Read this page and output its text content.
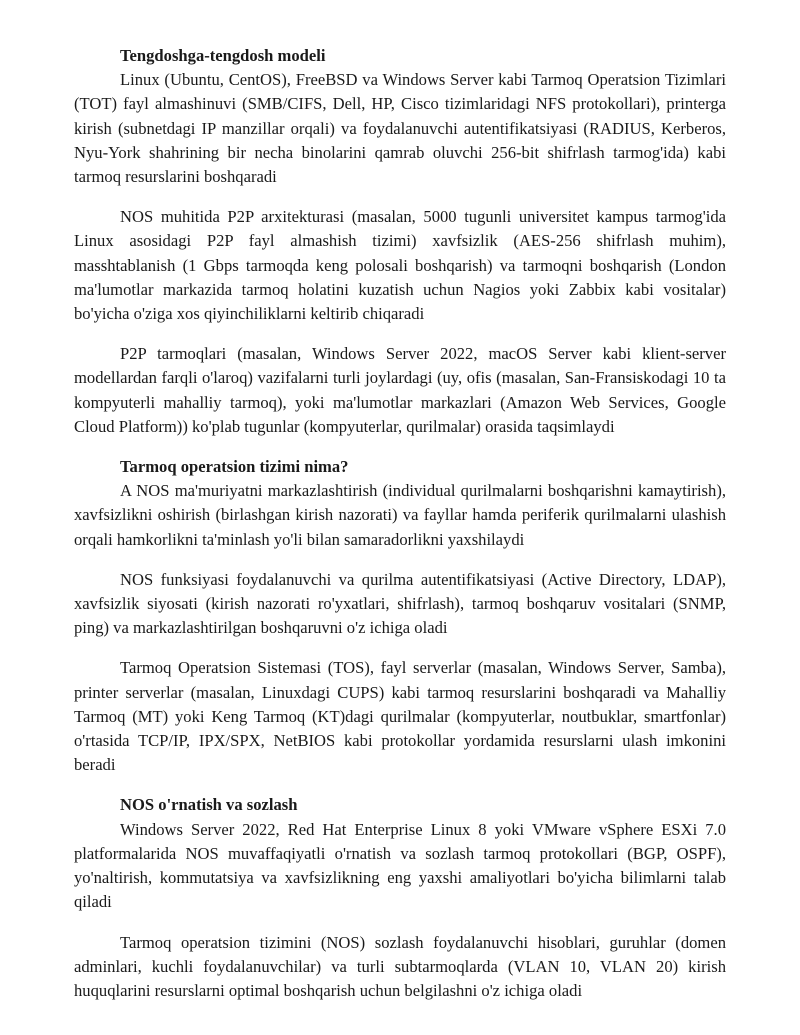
Tengdoshga-tengdosh modeli

Linux (Ubuntu, CentOS), FreeBSD va Windows Server kabi Tarmoq Operatsion Tizimlari (TOT) fayl almashinuvi (SMB/CIFS, Dell, HP, Cisco tizimlaridagi NFS protokollari), printerga kirish (subnetdagi IP manzillar orqali) va foydalanuvchi autentifikatsiyasi (RADIUS, Kerberos, Nyu-York shahrining bir necha binolarini qamrab oluvchi 256-bit shifrlash tarmog'ida) kabi tarmoq resurslarini boshqaradi

NOS muhitida P2P arxitekturasi (masalan, 5000 tugunli universitet kampus tarmog'ida Linux asosidagi P2P fayl almashish tizimi) xavfsizlik (AES-256 shifrlash muhim), masshtablanish (1 Gbps tarmoqda keng polosali boshqarish) va tarmoqni boshqarish (London ma'lumotlar markazida tarmoq holatini kuzatish uchun Nagios yoki Zabbix kabi vositalar) bo'yicha o'ziga xos qiyinchiliklarni keltirib chiqaradi

P2P tarmoqlari (masalan, Windows Server 2022, macOS Server kabi klient-server modellardan farqli o'laroq) vazifalarni turli joylardagi (uy, ofis (masalan, San-Fransiskodagi 10 ta kompyuterli mahalliy tarmoq), yoki ma'lumotlar markazlari (Amazon Web Services, Google Cloud Platform)) ko'plab tugunlar (kompyuterlar, qurilmalar) orasida taqsimlaydi

Tarmoq operatsion tizimi nima?

A NOS ma'muriyatni markazlashtirish (individual qurilmalarni boshqarishni kamaytirish), xavfsizlikni oshirish (birlashgan kirish nazorati) va fayllar hamda periferik qurilmalarni ulashish orqali hamkorlikni ta'minlash yo'li bilan samaradorlikni yaxshilaydi

NOS funksiyasi foydalanuvchi va qurilma autentifikatsiyasi (Active Directory, LDAP), xavfsizlik siyosati (kirish nazorati ro'yxatlari, shifrlash), tarmoq boshqaruv vositalari (SNMP, ping) va markazlashtirilgan boshqaruvni o'z ichiga oladi

Tarmoq Operatsion Sistemasi (TOS), fayl serverlar (masalan, Windows Server, Samba), printer serverlar (masalan, Linuxdagi CUPS) kabi tarmoq resurslarini boshqaradi va Mahalliy Tarmoq (MT) yoki Keng Tarmoq (KT)dagi qurilmalar (kompyuterlar, noutbuklar, smartfonlar) o'rtasida TCP/IP, IPX/SPX, NetBIOS kabi protokollar yordamida resurslarni ulash imkonini beradi

NOS o'rnatish va sozlash

Windows Server 2022, Red Hat Enterprise Linux 8 yoki VMware vSphere ESXi 7.0 platformalarida NOS muvaffaqiyatli o'rnatish va sozlash tarmoq protokollari (BGP, OSPF), yo'naltirish, kommutatsiya va xavfsizlikning eng yaxshi amaliyotlari bo'yicha bilimlarni talab qiladi

Tarmoq operatsion tizimini (NOS) sozlash foydalanuvchi hisoblari, guruhlar (domen adminlari, kuchli foydalanuvchilar) va turli subtarmoqlarda (VLAN 10, VLAN 20) kirish huquqlarini resurslarni optimal boshqarish uchun belgilashni o'z ichiga oladi
